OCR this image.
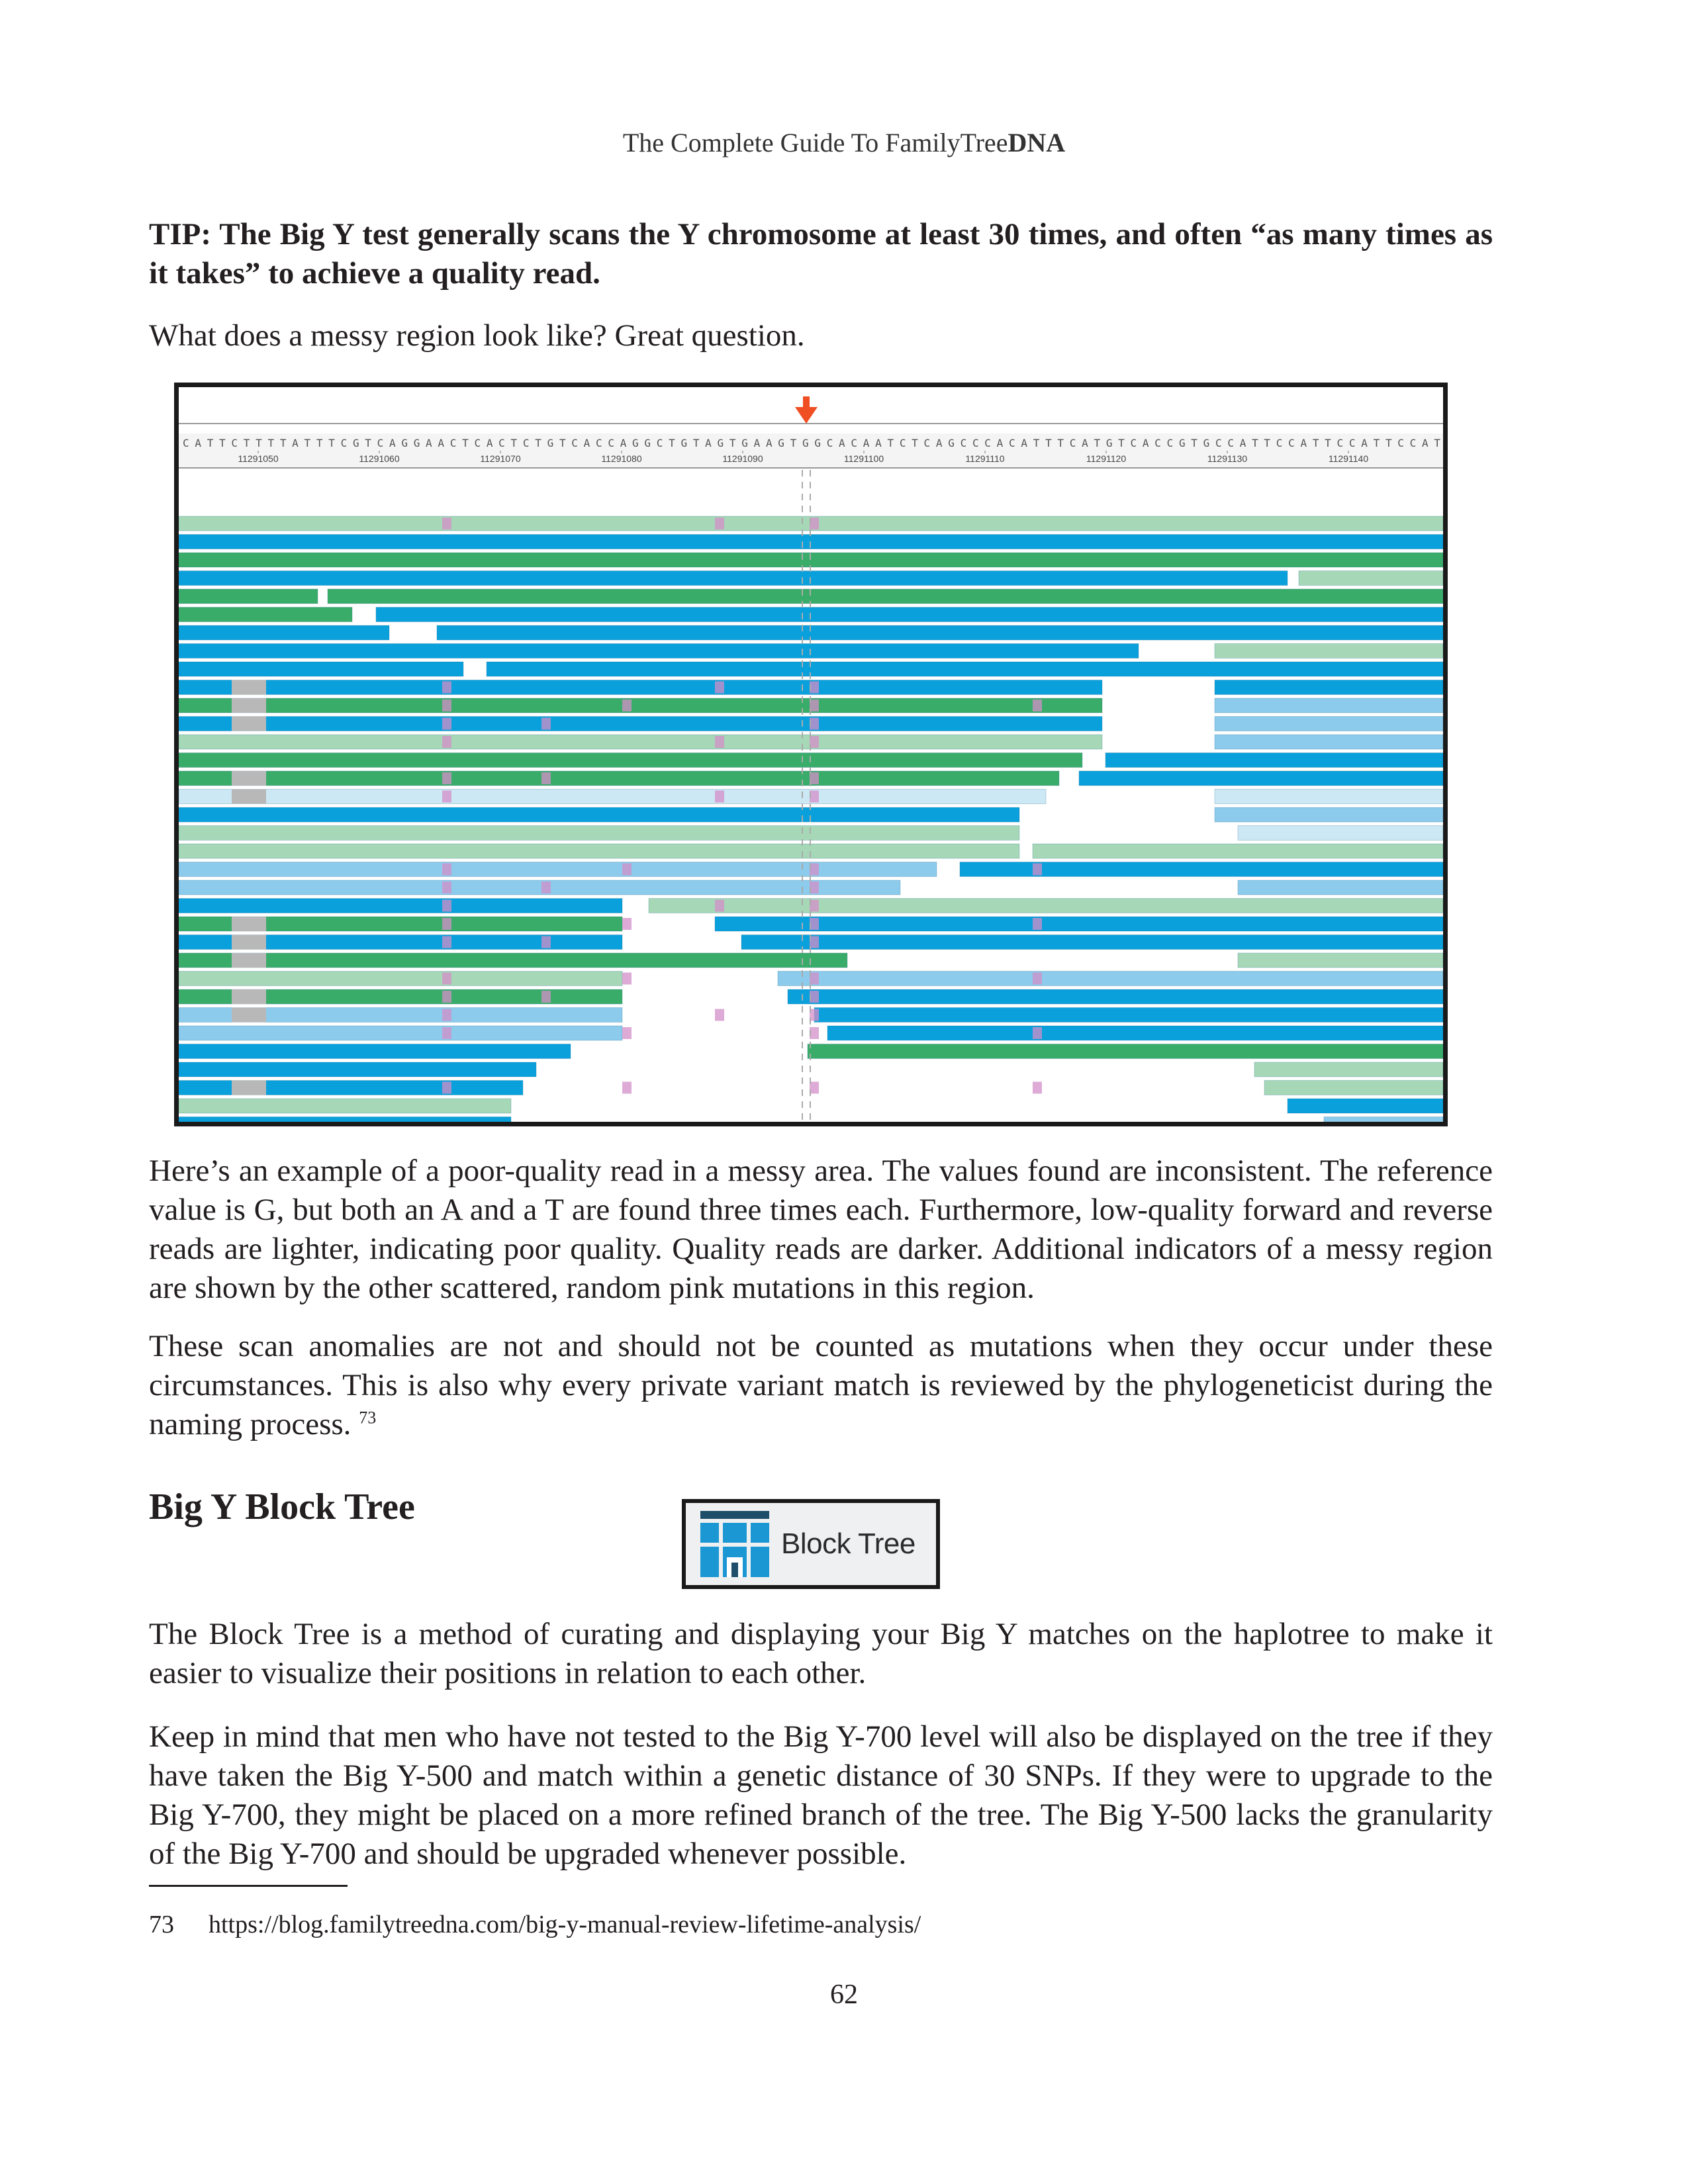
The Complete Guide To FamilyTreeDNA
TIP: The Big Y test generally scans the Y chromosome at least 30 times, and often “as many times as it takes” to achieve a quality read.
What does a messy region look like? Great question.
CATTCTTTTATTTCGTCAGGAACTCACTCTGTCACCAGGCTGTAGTGAAGTGGCACAATCTCAGCCCACATTTCATGTCACCGTGCCATTCCATTCCATTCCAT
11291050	11291060	11291070	11291080	11291090	11291100	11291110	11291120	11291130	11291140
Here’s an example of a poor-quality read in a messy area. The values found are inconsistent. The reference value is G, but both an A and a T are found three times each. Furthermore, low-quality forward and reverse reads are lighter, indicating poor quality. Quality reads are darker. Additional indicators of a messy region are shown by the other scattered, random pink mutations in this region.
These scan anomalies are not and should not be counted as mutations when they occur under these circumstances. This is also why every private variant match is reviewed by the phylogeneticist during the naming process. $^{73}$
Big Y Block Tree
Block Tree
The Block Tree is a method of curating and displaying your Big Y matches on the haplotree to make it easier to visualize their positions in relation to each other.
Keep in mind that men who have not tested to the Big Y-700 level will also be displayed on the tree if they have taken the Big Y-500 and match within a genetic distance of 30 SNPs. If they were to upgrade to the Big Y-700, they might be placed on a more refined branch of the tree. The Big Y-500 lacks the granularity of the Big Y-700 and should be upgraded whenever possible.
73 https://blog.familytreedna.com/big-y-manual-review-lifetime-analysis/
62
